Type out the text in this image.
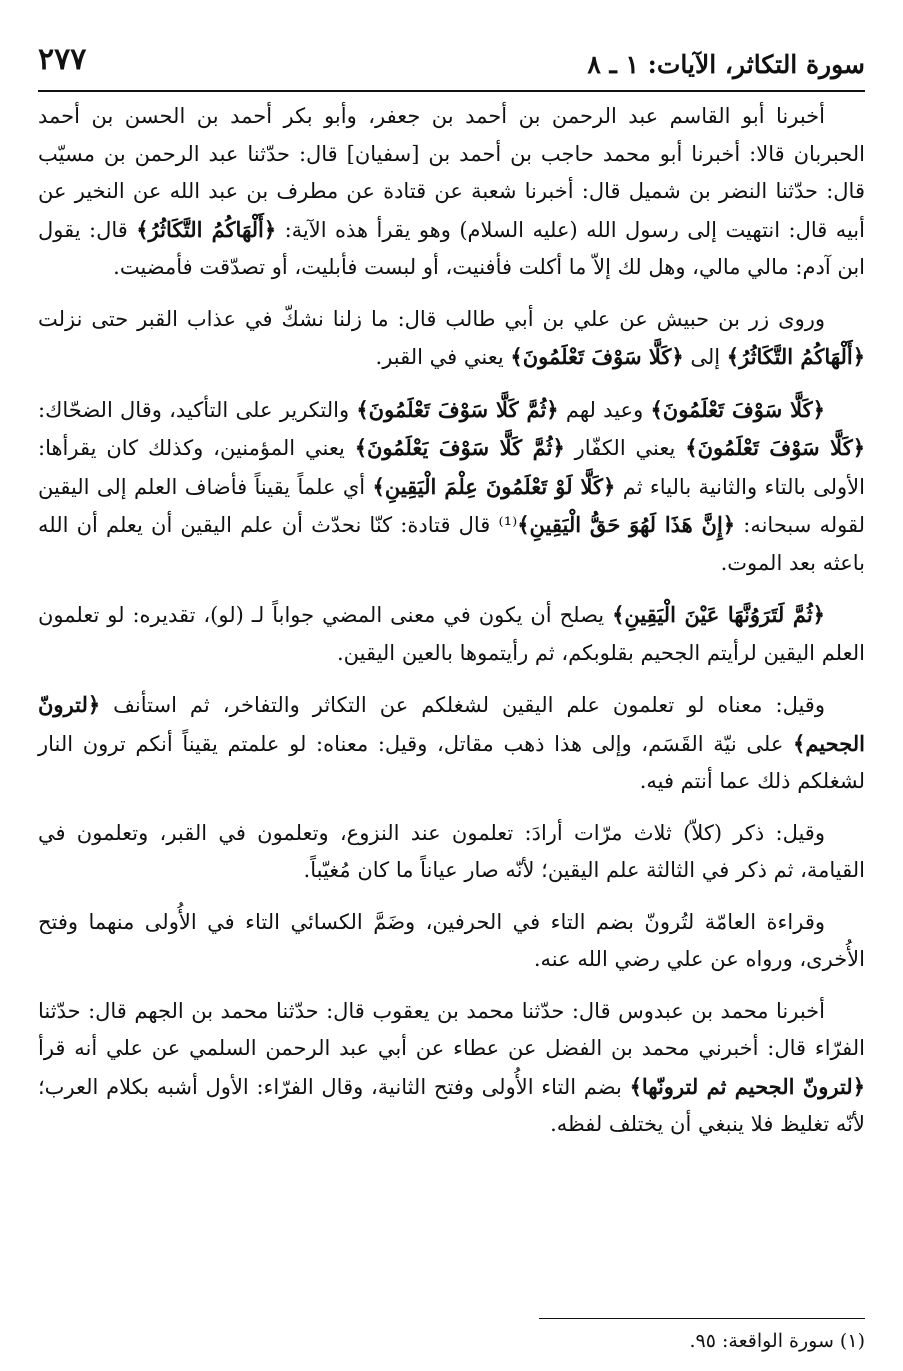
سورة التكاثر، الآيات: ١ ـ ٨
٢٧٧

أخبرنا أبو القاسم عبد الرحمن بن أحمد بن جعفر، وأبو بكر أحمد بن الحسن بن أحمد الحبربان قالا: أخبرنا أبو محمد حاجب بن أحمد بن [سفيان] قال: حدّثنا عبد الرحمن بن مسيّب قال: حدّثنا النضر بن شميل قال: أخبرنا شعبة عن قتادة عن مطرف بن عبد الله عن النخير عن أبيه قال: انتهيت إلى رسول الله (عليه السلام) وهو يقرأ هذه الآية: ﴿أَلْهَاكُمُ التَّكَاثُرُ﴾ قال: يقول ابن آدم: مالي مالي، وهل لك إلاّ ما أكلت فأفنيت، أو لبست فأبليت، أو تصدّقت فأمضيت.

وروى زر بن حبيش عن علي بن أبي طالب قال: ما زلنا نشكّ في عذاب القبر حتى نزلت ﴿أَلْهَاكُمُ التَّكَاثُرُ﴾ إلى ﴿كَلَّا سَوْفَ تَعْلَمُونَ﴾ يعني في القبر.

﴿كَلَّا سَوْفَ تَعْلَمُونَ﴾ وعيد لهم ﴿ثُمَّ كَلَّا سَوْفَ تَعْلَمُونَ﴾ والتكرير على التأكيد، وقال الضحّاك: ﴿كَلَّا سَوْفَ تَعْلَمُونَ﴾ يعني الكفّار ﴿ثُمَّ كَلَّا سَوْفَ يَعْلَمُونَ﴾ يعني المؤمنين، وكذلك كان يقرأها: الأولى بالتاء والثانية بالياء ثم ﴿كَلَّا لَوْ تَعْلَمُونَ عِلْمَ الْيَقِينِ﴾ أي علماً يقيناً فأضاف العلم إلى اليقين لقوله سبحانه: ﴿إِنَّ هَذَا لَهُوَ حَقُّ الْيَقِينِ﴾⁽¹⁾ قال قتادة: كنّا نحدّث أن علم اليقين أن يعلم أن الله باعثه بعد الموت.

﴿ثُمَّ لَتَرَوُنَّهَا عَيْنَ الْيَقِينِ﴾ يصلح أن يكون في معنى المضي جواباً لـ (لو)، تقديره: لو تعلمون العلم اليقين لرأيتم الجحيم بقلوبكم، ثم رأيتموها بالعين اليقين.

وقيل: معناه لو تعلمون علم اليقين لشغلكم عن التكاثر والتفاخر، ثم استأنف ﴿لترونّ الجحيم﴾ على نيّة القَسَم، وإلى هذا ذهب مقاتل، وقيل: معناه: لو علمتم يقيناً أنكم ترون النار لشغلكم ذلك عما أنتم فيه.

وقيل: ذكر (كلاّ) ثلاث مرّات أرادَ: تعلمون عند النزوع، وتعلمون في القبر، وتعلمون في القيامة، ثم ذكر في الثالثة علم اليقين؛ لأنّه صار عياناً ما كان مُغيّباً.

وقراءة العامّة لتُرونّ بضم التاء في الحرفين، وضَمَّ الكسائي التاء في الأُولى منهما وفتح الأُخرى، ورواه عن علي رضي الله عنه.

أخبرنا محمد بن عبدوس قال: حدّثنا محمد بن يعقوب قال: حدّثنا محمد بن الجهم قال: حدّثنا الفرّاء قال: أخبرني محمد بن الفضل عن عطاء عن أبي عبد الرحمن السلمي عن علي أنه قرأ ﴿لترونّ الجحيم ثم لترونّها﴾ بضم التاء الأُولى وفتح الثانية، وقال الفرّاء: الأول أشبه بكلام العرب؛ لأنّه تغليظ فلا ينبغي أن يختلف لفظه.

(١) سورة الواقعة: ٩٥.
